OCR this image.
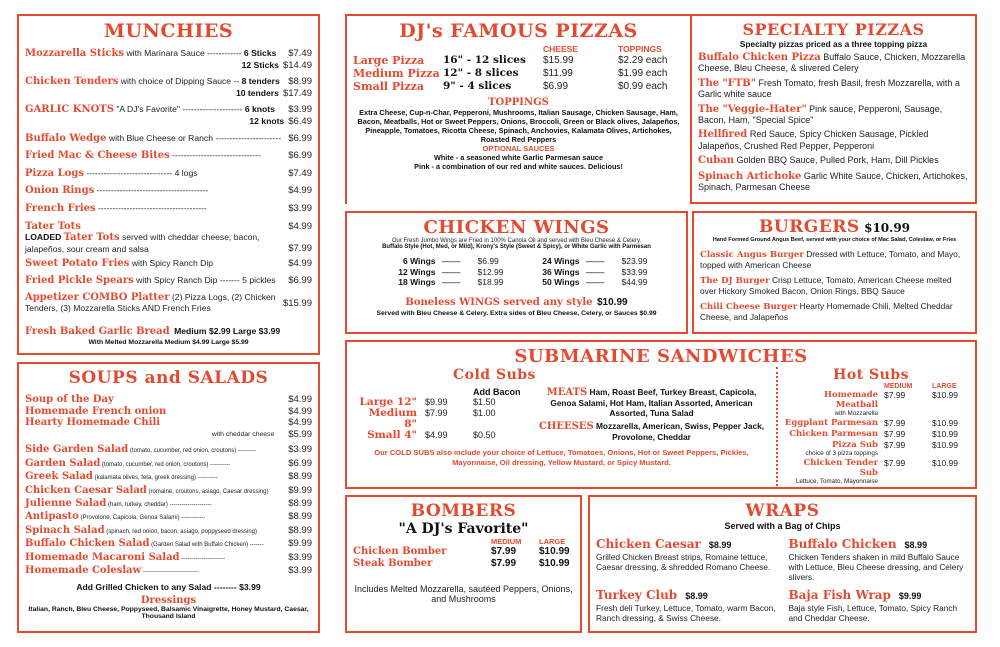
MUNCHIES
Mozzarella Sticks with Marinara Sauce ------------ 6 Sticks	$7.49
12 Sticks $14.49
Chicken Tenders with choice of Dipping Sauce -- 8 tenders $8.99
10 tenders $17.49
GARLIC KNOTS "A DJ's Favorite" --------------------- 6 knots	$3.99
12 knots $6.49
Buffalo Wedge with Blue Cheese or Ranch ----------------------- $6.99
Fried Mac & Cheese Bites -------------------------------	$6.99
Pizza Logs ------------------------------ 4 logs	$7.49
Onion Rings ---------------------------------------	$4.99
French Fries --------------------------------------	$3.99
Tater Tots	$4.99
LOADED Tater Tots served with cheddar cheese, bacon, jalapeños, sour cream and salsa	$7.99
Sweet Potato Fries with Spicy Ranch Dip	$4.99
Fried Pickle Spears with Spicy Ranch Dip ------- 5 pickles	$6.99
Appetizer COMBO Platter (2) Pizza Logs, (2) Chicken Tenders, (3) Mozzarella Sticks AND French Fries	$15.99
Fresh Baked Garlic Bread Medium $2.99 Large $3.99
With Melted Mozzarella Medium $4.99 Large $5.99
SOUPS and SALADS
Soup of the Day	$4.99
Homemade French onion	$4.99
Hearty Homemade Chili	$4.99
with cheddar cheese	$5.99
Side Garden Salad (tomato, cucumber, red onion, croutons) ---------	$3.99
Garden Salad (tomato, cucumber, red onion, croutons) ----------	$6.99
Greek Salad (kalamata olives, feta, greek dressing) ----------	$8.99
Chicken Caesar Salad (romaine, croutons, asiago, Caesar dressing)	$9.99
Julienne Salad (ham, turkey, cheddar) ---------------------	$8.99
Antipasto (Provolone, Capicola, Genoa Salami) ------------	$8.99
Spinach Salad (spinach, red onion, bacon, asiago, poppyseed dressing)	$8.99
Buffalo Chicken Salad (Garden Salad with Buffalo Chicken) -------	$9.99
Homemade Macaroni Salad ----------------------	$3.99
Homemade Coleslaw ----------------------------	$3.99
Add Grilled Chicken to any Salad -------- $3.99
Dressings
Italian, Ranch, Bleu Cheese, Poppyseed, Balsamic Vinaigrette, Honey Mustard, Caesar, Thousand Island
DJ's FAMOUS PIZZAS
CHEESE	TOPPINGS
Large Pizza	16" - 12 slices	$15.99	$2.29 each
Medium Pizza 12" - 8 slices	$11.99	$1.99 each
Small Pizza	9" - 4 slices	$6.99	$0.99 each
TOPPINGS
Extra Cheese, Cup-n-Char, Pepperoni, Mushrooms, Italian Sausage, Chicken Sausage, Ham, Bacon, Meatballs, Hot or Sweet Peppers, Onions, Broccoli, Green or Black olives, Jalapeños, Pineapple, Tomatoes, Ricotta Cheese, Spinach, Anchovies, Kalamata Olives, Artichokes, Roasted Red Peppers
OPTIONAL SAUCES
White - a seasoned white Garlic Parmesan sauce
Pink - a combination of our red and white sauces. Delicious!
SPECIALTY PIZZAS
Specialty pizzas priced as a three topping pizza
Buffalo Chicken Pizza Buffalo Sauce, Chicken, Mozzarella Cheese, Bleu Cheese, & slivered Celery
The "FTB" Fresh Tomato, fresh Basil, fresh Mozzarella, with a Garlic white sauce
The "Veggie-Hater" Pink sauce, Pepperoni, Sausage, Bacon, Ham, "Special Spice"
Hellfired Red Sauce, Spicy Chicken Sausage, Pickled Jalapeños, Crushed Red Pepper, Pepperoni
Cuban Golden BBQ Sauce, Pulled Pork, Ham, Dill Pickles
Spinach Artichoke Garlic White Sauce, Chicken, Artichokes, Spinach, Parmesan Cheese
CHICKEN WINGS
Our Fresh Jumbo Wings are Fried in 100% Canola Oil and served with Bleu Cheese & Celery.
Buffalo Style (Hot, Med, or Mild), Krony's Style (Sweet & Spicy), or White Garlic with Parmesan
6 Wings ----------	$6.99
12 Wings ----------	$12.99
18 Wings ----------	$18.99
24 Wings ----------	$23.99
36 Wings ----------	$33.99
50 Wings ----------	$44.99
Boneless WINGS served any style $10.99
Served with Bleu Cheese & Celery. Extra sides of Bleu Cheese, Celery, or Sauces $0.99
BURGERS $10.99
Hand Formed Ground Angus Beef, served with your choice of Mac Salad, Coleslaw, or Fries
Classic Angus Burger Dressed with Lettuce, Tomato, and Mayo, topped with American Cheese
The DJ Burger Crisp Lettuce, Tomato, American Cheese melted over Hickory Smoked Bacon, Onion Rings, BBQ Sauce
Chili Cheese Burger Hearty Homemade Chili, Melted Cheddar Cheese, and Jalapeños
SUBMARINE SANDWICHES
Cold Subs
Add Bacon
Large 12" $9.99	$1.50
Medium 8"
$7.99	$1.00
Small 4" $4.99	$0.50
MEATS Ham, Roast Beef, Turkey Breast, Capicola, Genoa Salami, Hot Ham, Italian Assorted, American Assorted, Tuna Salad
CHEESES Mozzarella, American, Swiss, Pepper Jack, Provolone, Cheddar
Our COLD SUBS also include your choice of Lettuce, Tomatoes, Onions, Hot or Sweet Peppers, Pickles, Mayonnaise, Oil dressing, Yellow Mustard, or Spicy Mustard.
Hot Subs
MEDIUM	LARGE
Homemade Meatball
with Mozzarella
$7.99	$10.99
Eggplant Parmesan $7.99	$10.99
Chicken Parmesan $7.99	$10.99
Pizza Sub
choice of 3 pizza toppings
$7.99	$10.99
Chicken Tender Sub
Lettuce, Tomato, Mayonnaise
$7.99	$10.99
BOMBERS
"A DJ's Favorite"
MEDIUM	LARGE
Chicken Bomber	$7.99	$10.99
Steak Bomber	$7.99	$10.99
Includes Melted Mozzarella, sautéed Peppers, Onions, and Mushrooms
WRAPS
Served with a Bag of Chips
Chicken Caesar $8.99
Grilled Chicken Breast strips, Romaine lettuce, Caesar dressing, & shredded Romano Cheese.
Buffalo Chicken $8.99
Chicken Tenders shaken in mild Buffalo Sauce with Lettuce, Bleu Cheese dressing, and Celery slivers.
Turkey Club $8.99
Fresh deli Turkey, Lettuce, Tomato, warm Bacon, Ranch dressing, & Swiss Cheese.
Baja Fish Wrap $9.99
Baja style Fish, Lettuce, Tomato, Spicy Ranch and Cheddar Cheese.
